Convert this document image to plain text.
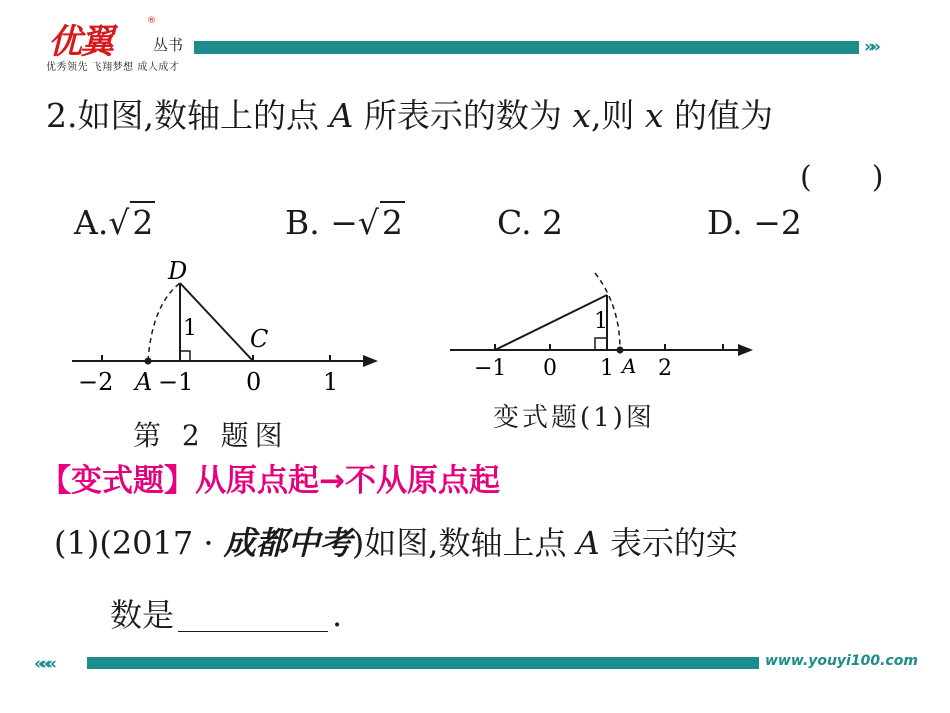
优翼
®
丛书
优秀领先 飞翔梦想 成人成才
»»
2.如图,数轴上的点 A 所表示的数为 x,则 x 的值为
(　　)
A.√2	B. −√2	C. 2	D. −2
D
1 C
−2 A −1 0	1
第 2 题图
1
−1 0 1 A 2
变式题(1)图
【变式题】从原点起→不从原点起
(1)(2017 · 成都中考)如图,数轴上点 A 表示的实
数是	.
«««	www.youyi100.com
